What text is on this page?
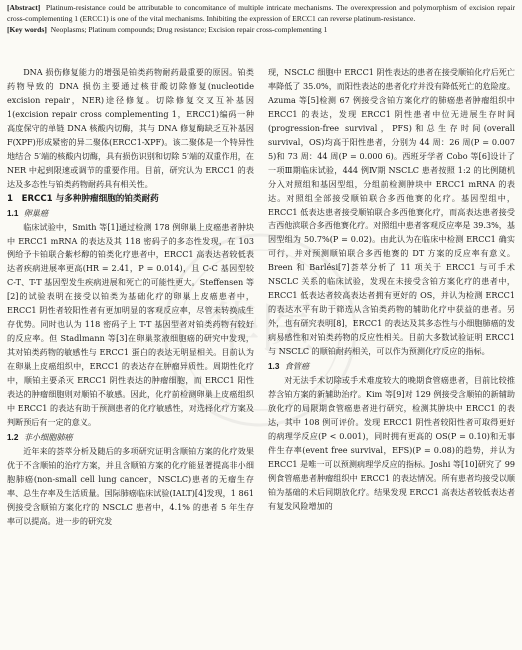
[Abstract] Platinum-resistance could be attributable to concomitance of multiple intricate mechanisms. The overexpression and polymorphism of excision repair cross-complementing 1 (ERCC1) is one of the vital mechanisms. Inhibiting the expression of ERCC1 can reverse platinum-resistance.

[Key words] Neoplasms; Platinum compounds; Drug resistance; Excision repair cross-complementing 1

华医

DNA 损伤修复能力的增强是铂类药物耐药最重要的原因。铂类药物导致的 DNA 损伤主要通过核苷酸切除修复(nucleotide excision repair，NER)途径修复。切除修复交叉互补基因 1(excision repair cross complementing 1，ERCC1)编码一种高度保守的单链 DNA 核酸内切酶，其与 DNA 修复酶缺乏互补基因 F(XPF)形成紧密的异二聚体(ERCC1-XPF)。该二聚体是一个特异性地结合 5′端的核酸内切酶，具有损伤识别和切除 5′端的双重作用，在 NER 中起到限速或调节的重要作用。目前，研究认为 ERCC1 的表达及多态性与铂类药物耐药具有相关性。

1　ERCC1 与多种肿瘤细胞的铂类耐药
1.1 卵巢癌

临床试验中，Smith 等[1]通过检测 178 例卵巢上皮癌患者肿块中 ERCC1 mRNA 的表达及其 118 密码子的多态性发现，在 103 例给予卡铂联合紫杉醇的铂类化疗患者中，ERCC1 高表达者较低表达者疾病进展率更高(HR = 2.41，P = 0.014)，且 C-C 基因型较 C-T、T-T 基因型发生疾病进展和死亡的可能性更大。Steffensen 等[2]的试验表明在接受以铂类为基础化疗的卵巢上皮癌患者中，ERCC1 阴性者较阳性者有更加明显的客观反应率，尽管未转换成生存优势。同时也认为 118 密码子上 T-T 基因型者对铂类药物有较好的反应率。但 Stadlmann 等[3]在卵巢浆液细胞癌的研究中发现，其对铂类药物的敏感性与 ERCC1 蛋白的表达无明显相关。目前认为在卵巢上皮癌组织中，ERCC1 的表达存在肿瘤异质性。周期性化疗中，顺铂主要杀灭 ERCC1 阴性表达的肿瘤细胞，而 ERCC1 阳性表达的肿瘤细胞则对顺铂不敏感。因此，化疗前检测卵巢上皮癌组织中 ERCC1 的表达有助于预测患者的化疗敏感性，对选择化疗方案及判断预后有一定的意义。

1.2 非小细胞肺癌

近年来的荟萃分析及随后的多项研究证明含顺铂方案的化疗效果优于不含顺铂的治疗方案，并且含顺铂方案的化疗能显著提高非小细胞肺癌(non-small cell lung cancer，NSCLC)患者的无瘤生存率、总生存率及生活质量。国际肺癌临床试验(IALT)[4]发现，1 861 例接受含顺铂方案化疗的 NSCLC 患者中，4.1% 的患者 5 年生存率可以提高。进一步的研究发

现，NSCLC 细胞中 ERCC1 阴性表达的患者在接受顺铂化疗后死亡率降低了 35.0%，而阳性表达的患者化疗并没有降低死亡的危险度。Azuma 等[5]检测 67 例接受含铂方案化疗的肺癌患者肿瘤组织中 ERCC1 的表达，发现 ERCC1 阴性患者中位无进展生存时间(progression-free survival，PFS)和总生存时间(overall survival，OS)均高于阳性患者，分别为 44 周：26 周(P = 0.007 5)和 73 周：44 周(P = 0.000 6)。西班牙学者 Cobo 等[6]设计了一项Ⅲ期临床试验，444 例Ⅳ期 NSCLC 患者按照 1:2 的比例随机分入对照组和基因型组，分组前检测肿块中 ERCC1 mRNA 的表达。对照组全部接受顺铂联合多西他赛的化疗。基因型组中，ERCC1 低表达患者接受顺铂联合多西他赛化疗，而高表达患者接受吉西他滨联合多西他赛化疗。对照组中患者客观反应率是 39.3%，基因型组为 50.7%(P = 0.02)。由此认为在临床中检测 ERCC1 确实可行，并对预测顺铂联合多西他赛的 DT 方案的反应率有意义。Breen 和 Barlési[7]荟萃分析了 11 项关于 ERCC1 与可手术 NSCLC 关系的临床试验，发现在未接受含铂方案化疗的患者中，ERCC1 低表达者较高表达者拥有更好的 OS，并认为检测 ERCC1 的表达水平有助于筛选从含铂类药物的辅助化疗中获益的患者。另外，也有研究表明[8]，ERCC1 的表达及其多态性与小细胞肺癌的发病易感性和对铂类药物的反应性相关。目前大多数试验证明 ERCC1 与 NSCLC 的顺铂耐药相关，可以作为预测化疗反应的指标。

1.3 食管癌

对无法手术切除或手术难度较大的晚期食管癌患者，目前比较推荐含铂方案的新辅助治疗。Kim 等[9]对 129 例接受含顺铂的新辅助放化疗的局限期食管癌患者进行研究，检测其肿块中 ERCC1 的表达，其中 108 例可评价。发现 ERCC1 阴性者较阳性者可取得更好的病理学反应(P < 0.001)，同时拥有更高的 OS(P = 0.10)和无事件生存率(event free survival，EFS)(P = 0.08)的趋势，并认为 ERCC1 是唯一可以预测病理学反应的指标。Joshi 等[10]研究了 99 例食管癌患者肿瘤组织中 ERCC1 的表达情况。所有患者均接受以顺铂为基础的术后同期放化疗。结果发现 ERCC1 高表达者较低表达者有复发风险增加的
